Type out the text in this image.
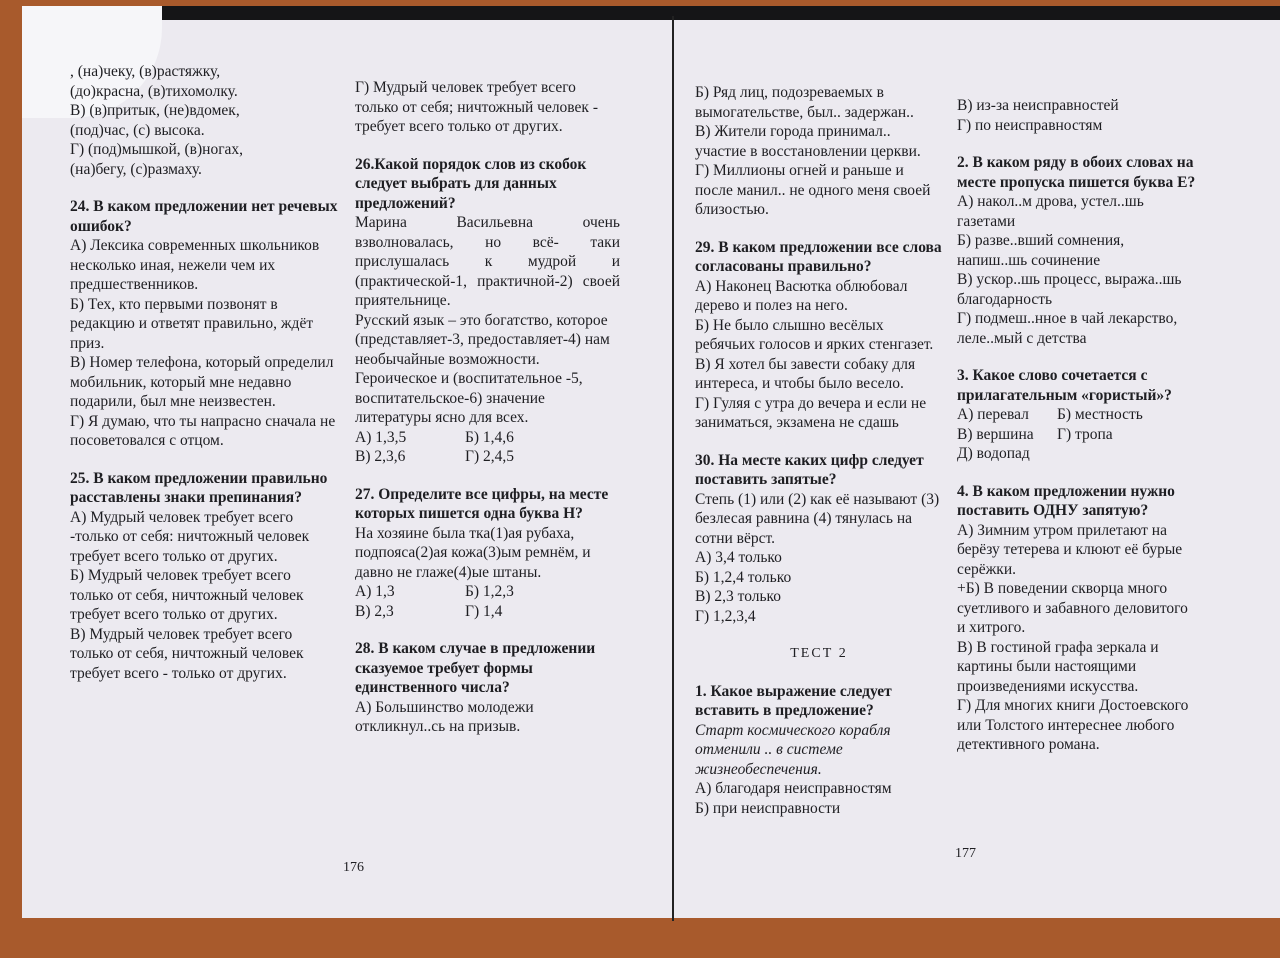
, (на)чеку, (в)растяжку,

(до)красна, (в)тихомолку.

В) (в)притык, (не)вдомек,

(под)час, (с) высока.

Г) (под)мышкой, (в)ногах,

(на)бегу, (с)размаху.

24. В каком предложении нет речевых ошибок?

А) Лексика современных школьников несколько иная, нежели чем их предшественников.

Б) Тех, кто первыми позвонят в редакцию и ответят правильно, ждёт приз.

В) Номер телефона, который определил мобильник, который мне недавно подарили, был мне неизвестен.

Г) Я думаю, что ты напрасно сначала не посоветовался с отцом.

25. В каком предложении правильно расставлены знаки препинания?

А) Мудрый человек требует всего -только от себя: ничтожный человек требует всего только от других.

Б) Мудрый человек требует всего только от себя, ничтожный человек требует всего только от других.

В) Мудрый человек требует всего только от себя, ничтожный человек требует всего - только от других.

Г) Мудрый человек требует всего только от себя; ничтожный человек - требует всего только от других.

26.Какой порядок слов из скобок следует выбрать для данных предложений?

Марина Васильевна очень взволновалась, но всё- таки прислушалась к мудрой и (практической-1, практичной-2) своей приятельнице.

Русский язык – это богатство, которое (представляет-3, предоставляет-4) нам необычайные возможности.

Героическое и (воспитательное -5, воспитательское-6) значение литературы ясно для всех.

А) 1,3,5	Б) 1,4,6
В) 2,3,6	Г) 2,4,5

27. Определите все цифры, на месте которых пишется одна буква Н?

На хозяине была тка(1)ая рубаха, подпояса(2)ая кожа(3)ым ремнём, и давно не глаже(4)ые штаны.

А) 1,3	Б) 1,2,3
В) 2,3	Г) 1,4

28. В каком случае в предложении сказуемое требует формы единственного числа?

А) Большинство молодежи откликнул..сь на призыв.

Б) Ряд лиц, подозреваемых в вымогательстве, был.. задержан..

В) Жители города принимал.. участие в восстановлении церкви.

Г) Миллионы огней и раньше и после манил.. не одного меня своей близостью.

29. В каком предложении все слова согласованы правильно?

А) Наконец Васютка облюбовал дерево и полез на него.

Б) Не было слышно весёлых ребячьих голосов и ярких стенгазет.

В) Я хотел бы завести собаку для интереса, и чтобы было весело.

Г) Гуляя с утра до вечера и если не заниматься, экзамена не сдашь

30. На месте каких цифр следует поставить запятые?

Степь (1) или (2) как её называют (3) безлесая равнина (4) тянулась на сотни вёрст.

А) 3,4 только

Б) 1,2,4 только

В) 2,3 только

Г) 1,2,3,4

ТЕСТ 2

1. Какое выражение следует вставить в предложение?

Старт космического корабля отменили .. в системе жизнеобеспечения.

А) благодаря неисправностям

Б) при неисправности

В) из-за неисправностей

Г) по неисправностям

2. В каком ряду в обоих словах на месте пропуска пишется буква Е?

А) накол..м дрова, устел..шь газетами

Б) разве..вший сомнения, напиш..шь сочинение

В) ускор..шь процесс, выража..шь благодарность

Г) подмеш..нное в чай лекарство, леле..мый с детства

3. Какое слово сочетается с прилагательным «гористый»?

А) перевал	Б) местность
В) вершина	Г) тропа

Д) водопад

4. В каком предложении нужно поставить ОДНУ запятую?

А) Зимним утром прилетают на берёзу тетерева и клюют её бурые серёжки.

+Б) В поведении скворца много суетливого и забавного деловитого и хитрого.

В) В гостиной графа зеркала и картины были настоящими произведениями искусства.

Г) Для многих книги Достоевского или Толстого интереснее любого детективного романа.

176
177
